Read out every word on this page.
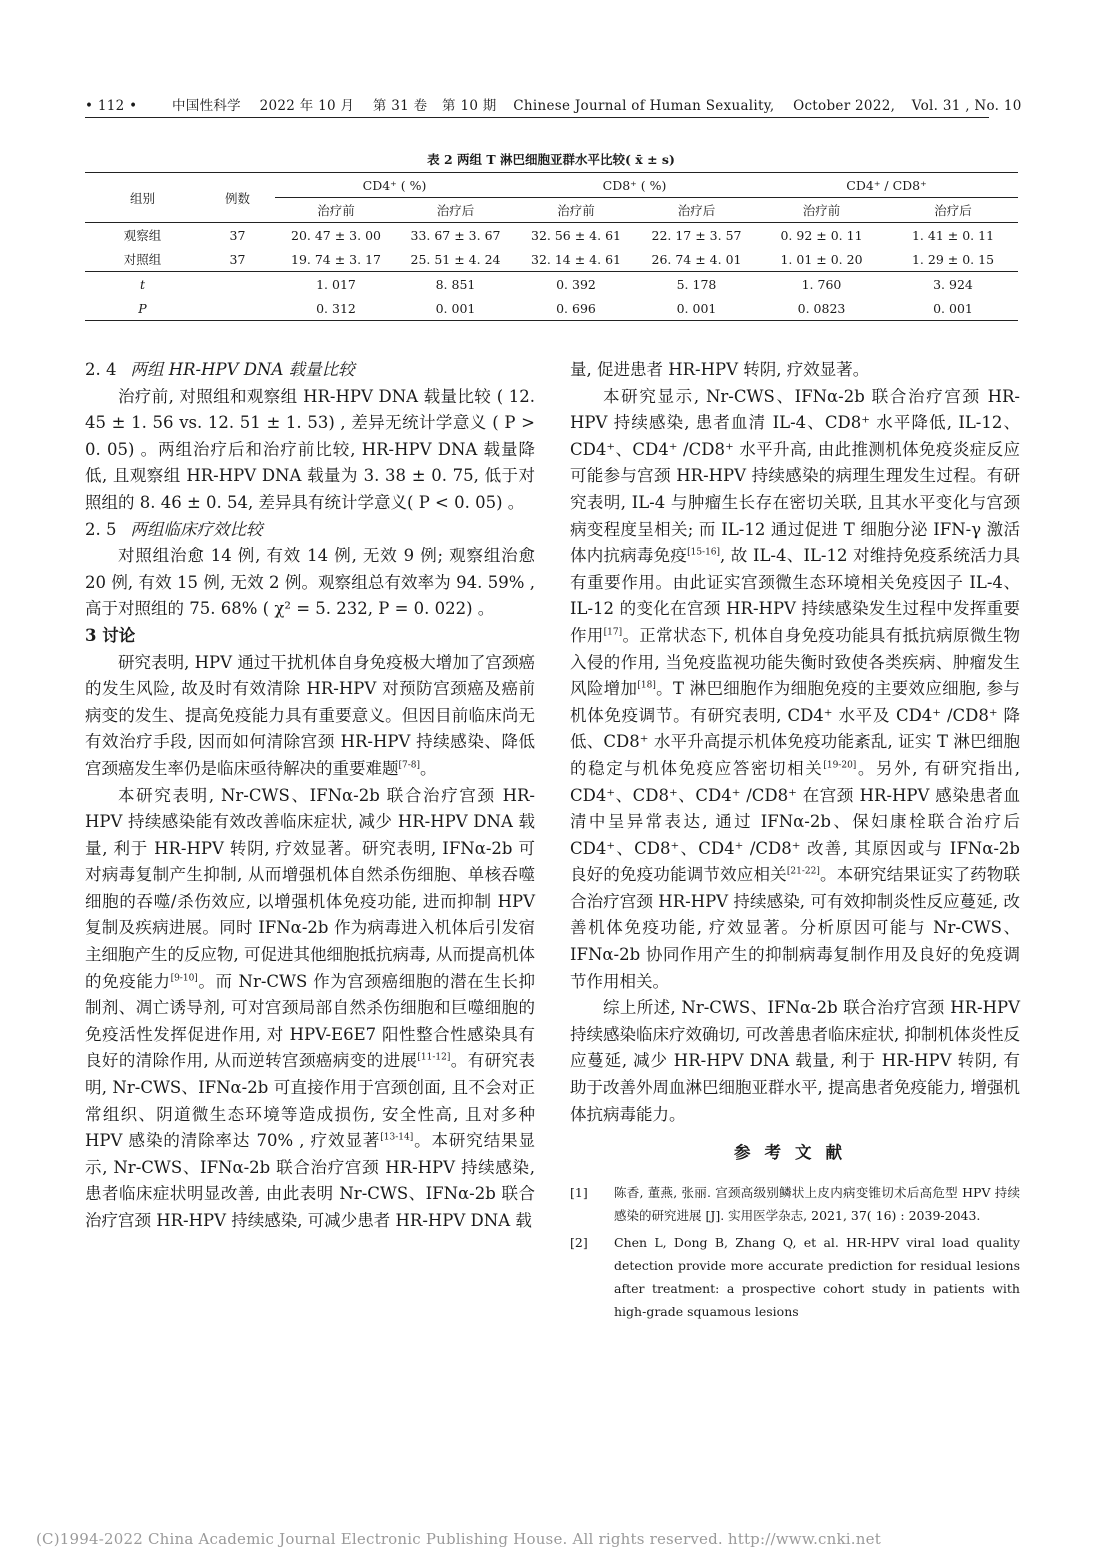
• 112 •	中国性科学 2022 年 10 月 第 31 卷 第 10 期 Chinese Journal of Human Sexuality, October 2022, Vol. 31 , No. 10
表 2 两组 T 淋巴细胞亚群水平比较( x̄ ± s)
组别	例数	CD4⁺ ( %)		CD8⁺ ( %)		CD4⁺ / CD8⁺	
		治疗前	治疗后	治疗前	治疗后	治疗前	治疗后
观察组	37	20. 47 ± 3. 00	33. 67 ± 3. 67	32. 56 ± 4. 61	22. 17 ± 3. 57	0. 92 ± 0. 11	1. 41 ± 0. 11
对照组	37	19. 74 ± 3. 17	25. 51 ± 4. 24	32. 14 ± 4. 61	26. 74 ± 4. 01	1. 01 ± 0. 20	1. 29 ± 0. 15
t		1. 017	8. 851	0. 392	5. 178	1. 760	3. 924
P		0. 312	0. 001	0. 696	0. 001	0. 0823	0. 001

2. 4 两组 HR-HPV DNA 载量比较

治疗前, 对照组和观察组 HR-HPV DNA 载量比较 ( 12. 45 ± 1. 56 vs. 12. 51 ± 1. 53) , 差异无统计学意义 ( P > 0. 05) 。两组治疗后和治疗前比较, HR-HPV DNA 载量降低, 且观察组 HR-HPV DNA 载量为 3. 38 ± 0. 75, 低于对照组的 8. 46 ± 0. 54, 差异具有统计学意义( P < 0. 05) 。

2. 5 两组临床疗效比较

对照组治愈 14 例, 有效 14 例, 无效 9 例; 观察组治愈 20 例, 有效 15 例, 无效 2 例。观察组总有效率为 94. 59% , 高于对照组的 75. 68% ( χ² = 5. 232, P = 0. 022) 。

3 讨论

研究表明, HPV 通过干扰机体自身免疫极大增加了宫颈癌的发生风险, 故及时有效清除 HR-HPV 对预防宫颈癌及癌前病变的发生、提高免疫能力具有重要意义。但因目前临床尚无有效治疗手段, 因而如何清除宫颈 HR-HPV 持续感染、降低宫颈癌发生率仍是临床亟待解决的重要难题[7-8]。

本研究表明, Nr-CWS、IFNα-2b 联合治疗宫颈 HR-HPV 持续感染能有效改善临床症状, 减少 HR-HPV DNA 载量, 利于 HR-HPV 转阴, 疗效显著。研究表明, IFNα-2b 可对病毒复制产生抑制, 从而增强机体自然杀伤细胞、单核吞噬细胞的吞噬/杀伤效应, 以增强机体免疫功能, 进而抑制 HPV 复制及疾病进展。同时 IFNα-2b 作为病毒进入机体后引发宿主细胞产生的反应物, 可促进其他细胞抵抗病毒, 从而提高机体的免疫能力[9-10]。而 Nr-CWS 作为宫颈癌细胞的潜在生长抑制剂、凋亡诱导剂, 可对宫颈局部自然杀伤细胞和巨噬细胞的免疫活性发挥促进作用, 对 HPV-E6E7 阳性整合性感染具有良好的清除作用, 从而逆转宫颈癌病变的进展[11-12]。有研究表明, Nr-CWS、IFNα-2b 可直接作用于宫颈创面, 且不会对正常组织、阴道微生态环境等造成损伤, 安全性高, 且对多种 HPV 感染的清除率达 70% , 疗效显著[13-14]。本研究结果显示, Nr-CWS、IFNα-2b 联合治疗宫颈 HR-HPV 持续感染, 患者临床症状明显改善, 由此表明 Nr-CWS、IFNα-2b 联合治疗宫颈 HR-HPV 持续感染, 可减少患者 HR-HPV DNA 载

量, 促进患者 HR-HPV 转阴, 疗效显著。

本研究显示, Nr-CWS、IFNα-2b 联合治疗宫颈 HR-HPV 持续感染, 患者血清 IL-4、CD8⁺ 水平降低, IL-12、CD4⁺、CD4⁺ /CD8⁺ 水平升高, 由此推测机体免疫炎症反应可能参与宫颈 HR-HPV 持续感染的病理生理发生过程。有研究表明, IL-4 与肿瘤生长存在密切关联, 且其水平变化与宫颈病变程度呈相关; 而 IL-12 通过促进 T 细胞分泌 IFN-γ 激活体内抗病毒免疫[15-16], 故 IL-4、IL-12 对维持免疫系统活力具有重要作用。由此证实宫颈微生态环境相关免疫因子 IL-4、IL-12 的变化在宫颈 HR-HPV 持续感染发生过程中发挥重要作用[17]。正常状态下, 机体自身免疫功能具有抵抗病原微生物入侵的作用, 当免疫监视功能失衡时致使各类疾病、肿瘤发生风险增加[18]。T 淋巴细胞作为细胞免疫的主要效应细胞, 参与机体免疫调节。有研究表明, CD4⁺ 水平及 CD4⁺ /CD8⁺ 降低、CD8⁺ 水平升高提示机体免疫功能紊乱, 证实 T 淋巴细胞的稳定与机体免疫应答密切相关[19-20]。另外, 有研究指出, CD4⁺、CD8⁺、CD4⁺ /CD8⁺ 在宫颈 HR-HPV 感染患者血清中呈异常表达, 通过 IFNα-2b、保妇康栓联合治疗后 CD4⁺、CD8⁺、CD4⁺ /CD8⁺ 改善, 其原因或与 IFNα-2b 良好的免疫功能调节效应相关[21-22]。本研究结果证实了药物联合治疗宫颈 HR-HPV 持续感染, 可有效抑制炎性反应蔓延, 改善机体免疫功能, 疗效显著。分析原因可能与 Nr-CWS、IFNα-2b 协同作用产生的抑制病毒复制作用及良好的免疫调节作用相关。

综上所述, Nr-CWS、IFNα-2b 联合治疗宫颈 HR-HPV 持续感染临床疗效确切, 可改善患者临床症状, 抑制机体炎性反应蔓延, 减少 HR-HPV DNA 载量, 利于 HR-HPV 转阴, 有助于改善外周血淋巴细胞亚群水平, 提高患者免疫能力, 增强机体抗病毒能力。

参考文献
[1]	陈香, 董燕, 张丽. 宫颈高级别鳞状上皮内病变锥切术后高危型 HPV 持续感染的研究进展 [J]. 实用医学杂志, 2021, 37( 16) : 2039-2043.
[2]	Chen L, Dong B, Zhang Q, et al. HR-HPV viral load quality detection provide more accurate prediction for residual lesions after treatment: a prospective cohort study in patients with high-grade squamous lesions
(C)1994-2022 China Academic Journal Electronic Publishing House. All rights reserved. http://www.cnki.net
